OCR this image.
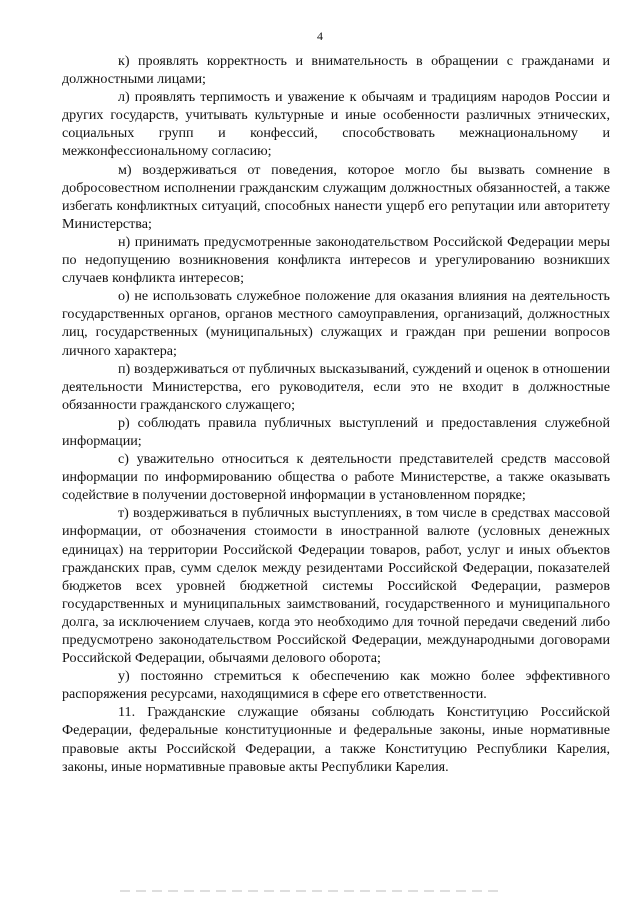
4

к) проявлять корректность и внимательность в обращении с гражданами и должностными лицами;

л) проявлять терпимость и уважение к обычаям и традициям народов России и других государств, учитывать культурные и иные особенности различных этнических, социальных групп и конфессий, способствовать межнациональному и межконфессиональному согласию;

м) воздерживаться от поведения, которое могло бы вызвать сомнение в добросовестном исполнении гражданским служащим должностных обязанностей, а также избегать конфликтных ситуаций, способных нанести ущерб его репутации или авторитету Министерства;

н) принимать предусмотренные законодательством Российской Федерации меры по недопущению возникновения конфликта интересов и урегулированию возникших случаев конфликта интересов;

о) не использовать служебное положение для оказания влияния на деятельность государственных органов, органов местного самоуправления, организаций, должностных лиц, государственных (муниципальных) служащих и граждан при решении вопросов личного характера;

п) воздерживаться от публичных высказываний, суждений и оценок в отношении деятельности Министерства, его руководителя, если это не входит в должностные обязанности гражданского служащего;

р) соблюдать правила публичных выступлений и предоставления служебной информации;

с) уважительно относиться к деятельности представителей средств массовой информации по информированию общества о работе Министерстве, а также оказывать содействие в получении достоверной информации в установленном порядке;

т) воздерживаться в публичных выступлениях, в том числе в средствах массовой информации, от обозначения стоимости в иностранной валюте (условных денежных единицах) на территории Российской Федерации товаров, работ, услуг и иных объектов гражданских прав, сумм сделок между резидентами Российской Федерации, показателей бюджетов всех уровней бюджетной системы Российской Федерации, размеров государственных и муниципальных заимствований, государственного и муниципального долга, за исключением случаев, когда это необходимо для точной передачи сведений либо предусмотрено законодательством Российской Федерации, международными договорами Российской Федерации, обычаями делового оборота;

у) постоянно стремиться к обеспечению как можно более эффективного распоряжения ресурсами, находящимися в сфере его ответственности.

11. Гражданские служащие обязаны соблюдать Конституцию Российской Федерации, федеральные конституционные и федеральные законы, иные нормативные правовые акты Российской Федерации, а также Конституцию Республики Карелия, законы, иные нормативные правовые акты Республики Карелия.
